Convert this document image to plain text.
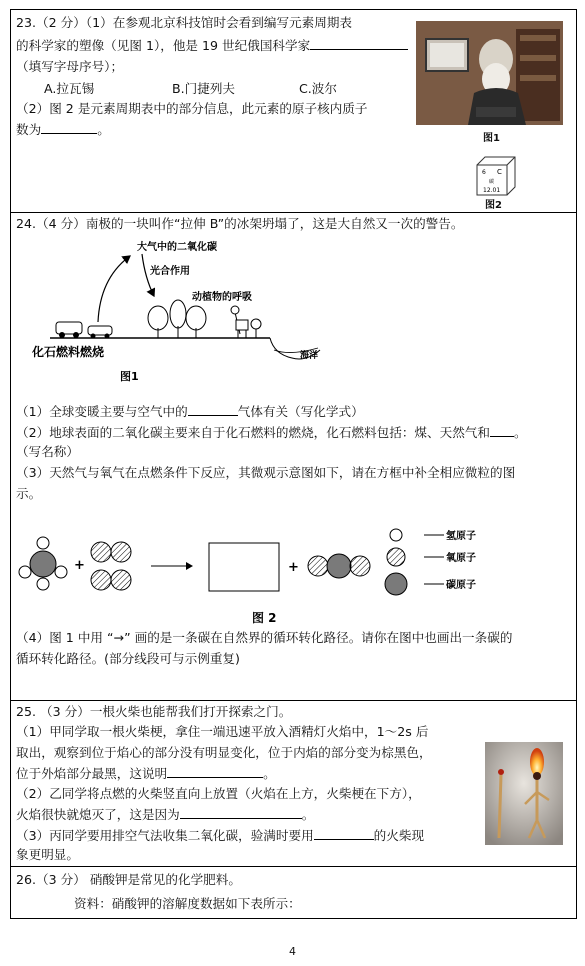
23.（2 分）（1）在参观北京科技馆时会看到编写元素周期表
的科学家的塑像（见图 1），他是 19 世纪俄国科学家
（填写字母序号）；
A.拉瓦锡	B.门捷列夫	C.波尔
（2）图 2 是元素周期表中的部分信息，此元素的原子核内质子
数为	。
图1
6 C
碳
12.01
图2
24.（4 分）南极的一块叫作“拉伸 B”的冰架坍塌了，这是大自然又一次的警告。
大气中的二氧化碳
光合作用
动植物的呼吸
化石燃料燃烧	海洋
图1
（1）全球变暖主要与空气中的	气体有关（写化学式）
（2）地球表面的二氧化碳主要来自于化石燃料的燃烧，化石燃料包括：煤、天然气和 。
（写名称）
（3）天然气与氧气在点燃条件下反应，其微观示意图如下，请在方框中补全相应微粒的图
示。
+	+
氢原子
氧原子
碳原子
图 2
（4）图 1 中用 “→” 画的是一条碳在自然界的循环转化路径。请你在图中也画出一条碳的
循环转化路径。(部分线段可与示例重复)
25. （3 分）一根火柴也能帮我们打开探索之门。
（1）甲同学取一根火柴梗，拿住一端迅速平放入酒精灯火焰中，1～2s 后
取出，观察到位于焰心的部分没有明显变化，位于内焰的部分变为棕黑色，
位于外焰部分最黑，这说明	。
（2）乙同学将点燃的火柴竖直向上放置（火焰在上方，火柴梗在下方），
火焰很快就熄灭了，这是因为	。
（3）丙同学要用排空气法收集二氧化碳，验满时要用	的火柴现
象更明显。
26.（3 分） 硝酸钾是常见的化学肥料。
资料：硝酸钾的溶解度数据如下表所示：
4
